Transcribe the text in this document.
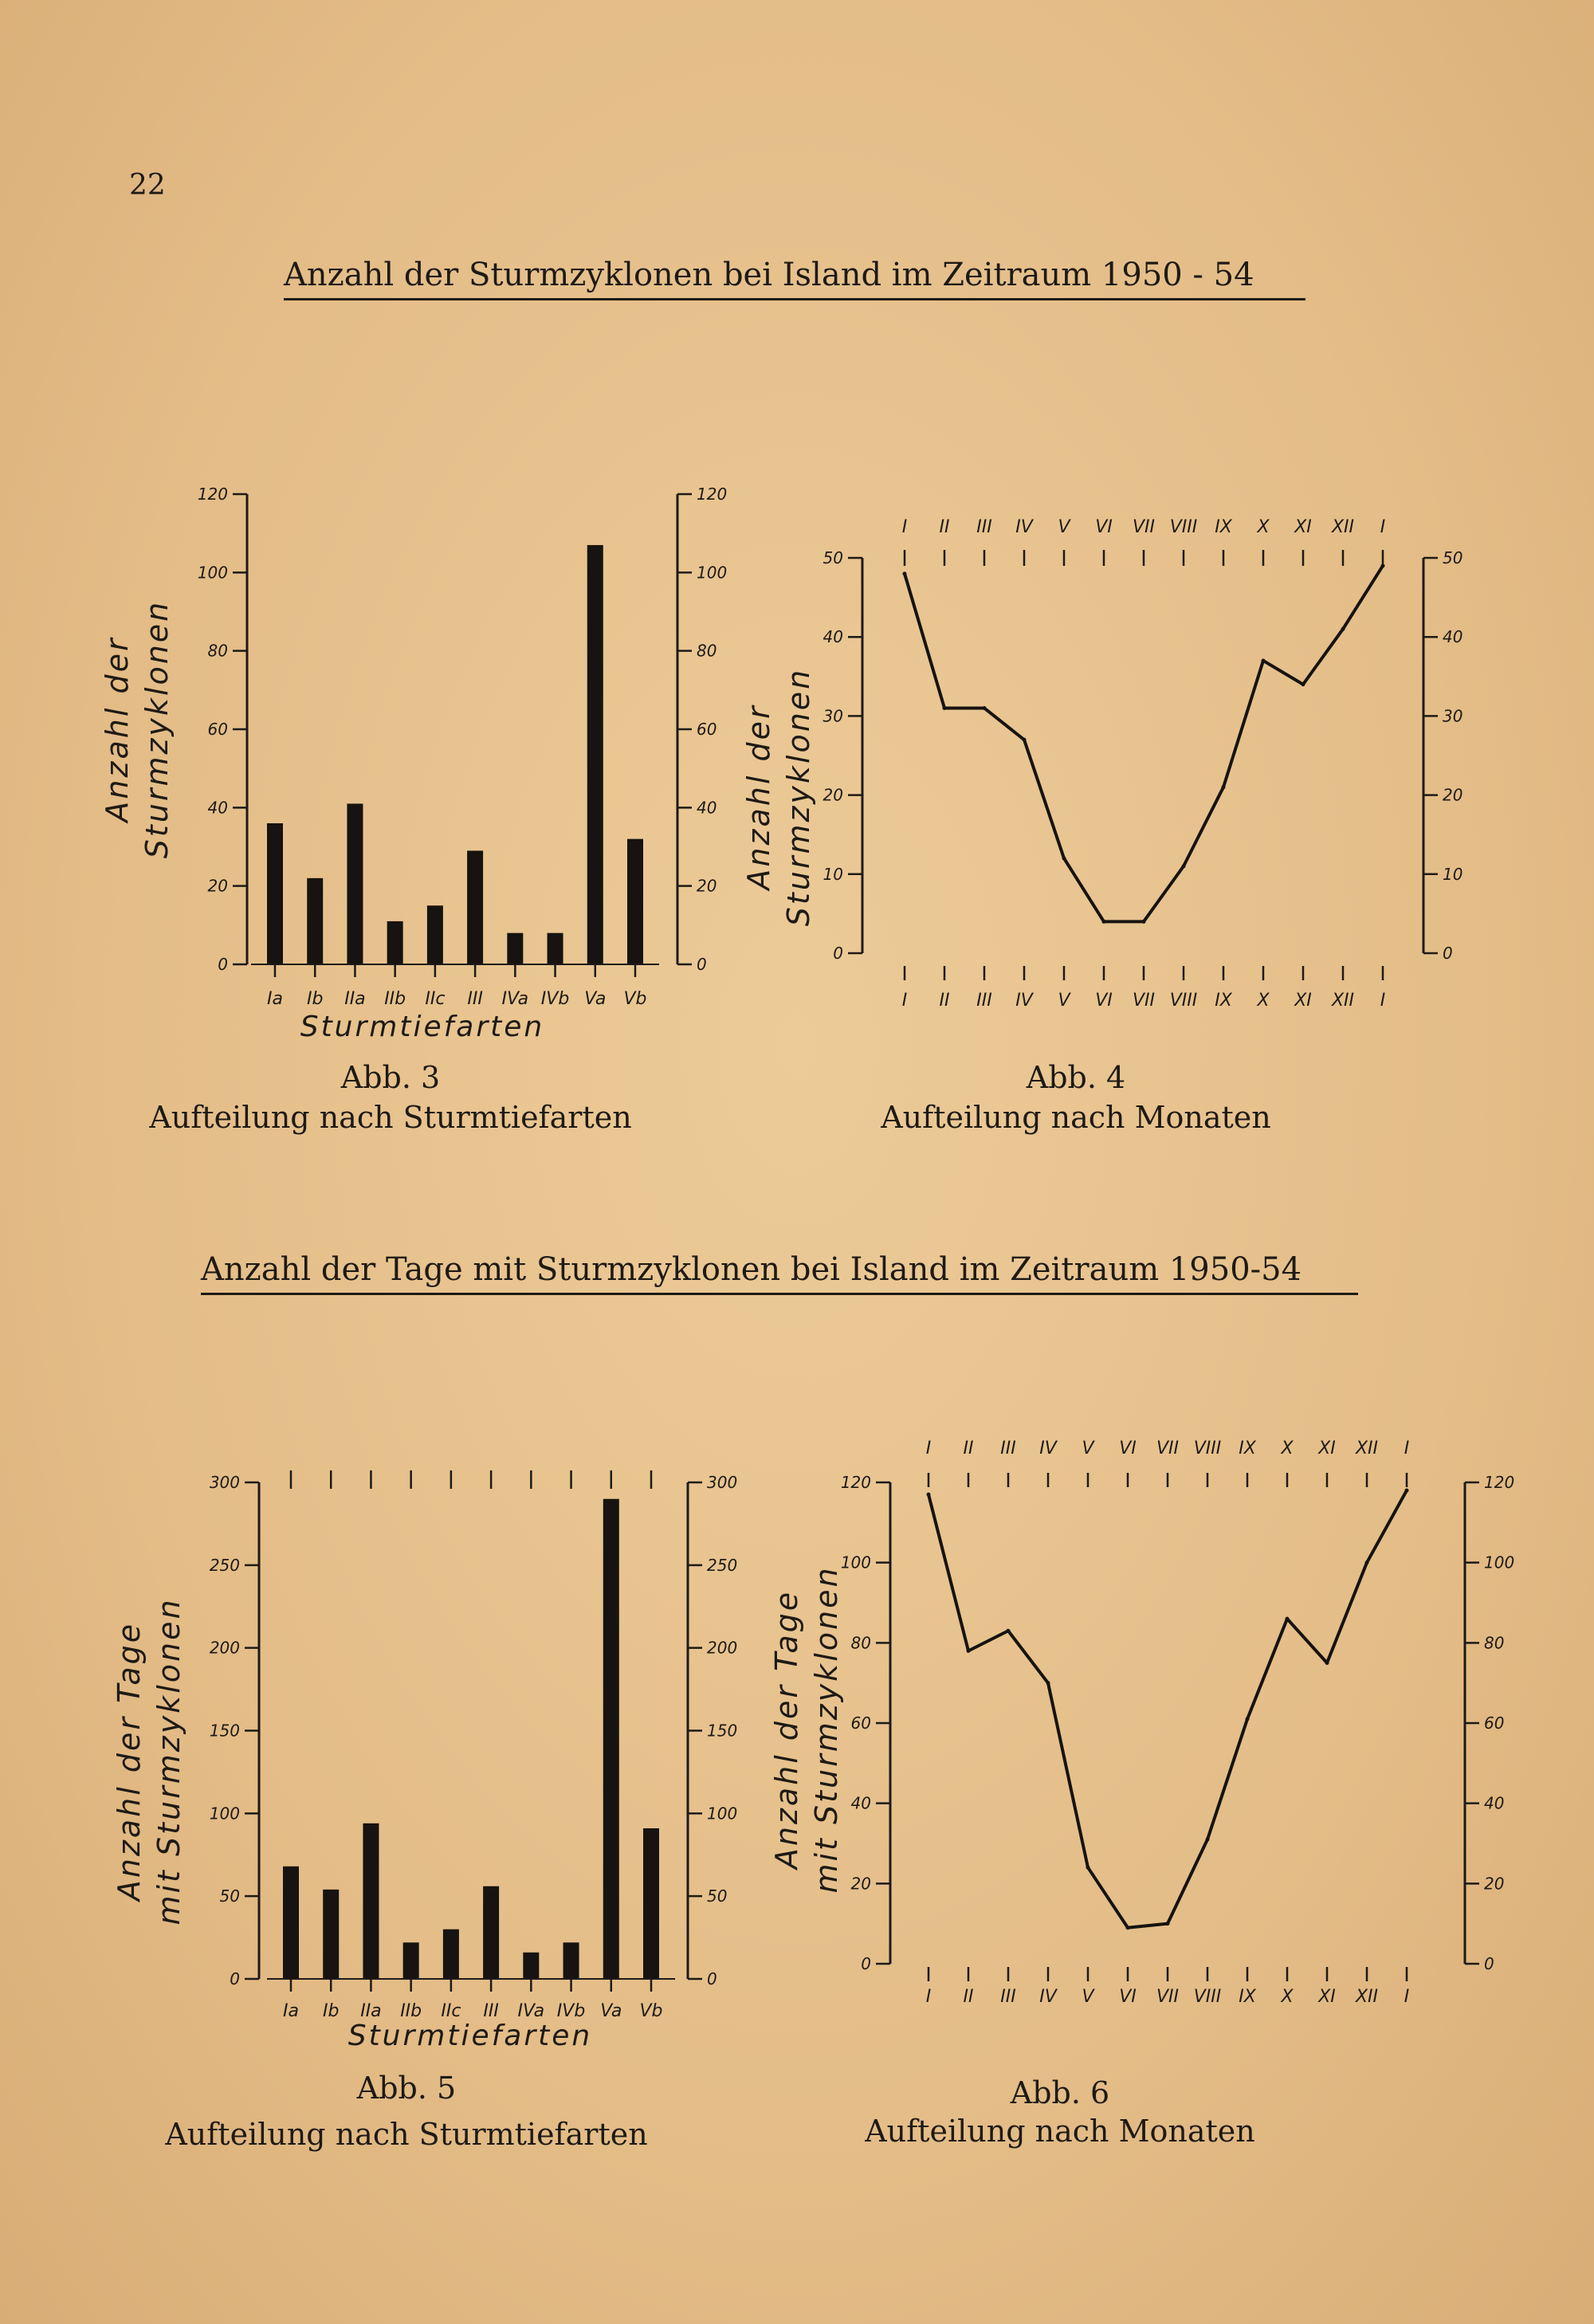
22
Anzahl der Sturmzyklonen bei Island im Zeitraum 1950 - 54
Anzahl der Tage mit Sturmzyklonen bei Island im Zeitraum 1950-54
0	0
20	20
40	40
60	60
80	80
100	100
120	120
Anzahl der Sturmzyklonen
Ia Ib IIa IIb IIc III IVa IVb Va Vb
Sturmtiefarten
0	0
10	10
20	20
30	30
40	40
50	50
Anzahl der Sturmzyklonen
I
I
II
II
III
III
IV
IV
V
V
VI
VI
VII
VII
VIII
VIII
IX
IX
X
X
XI
XI
XII
XII
I
I
0	0
50	50
100	100
150	150
200	200
250	250
300	300
Anzahl der Tage mit Sturmzyklonen
Ia Ib IIa IIb IIc III IVa IVb Va Vb
Sturmtiefarten
0	0
20	20
40	40
60	60
80	80
100	100
120	120
Anzahl der Tage mit Sturmzyklonen
I
I
II
II
III
III
IV
IV
V
V
VI
VI
VII
VII
VIII
VIII
IX
IX
X
X
XI
XI
XII
XII
I
I
Abb. 3
Aufteilung nach Sturmtiefarten
Abb. 4
Aufteilung nach Monaten
Abb. 5
Aufteilung nach Sturmtiefarten
Abb. 6
Aufteilung nach Monaten
